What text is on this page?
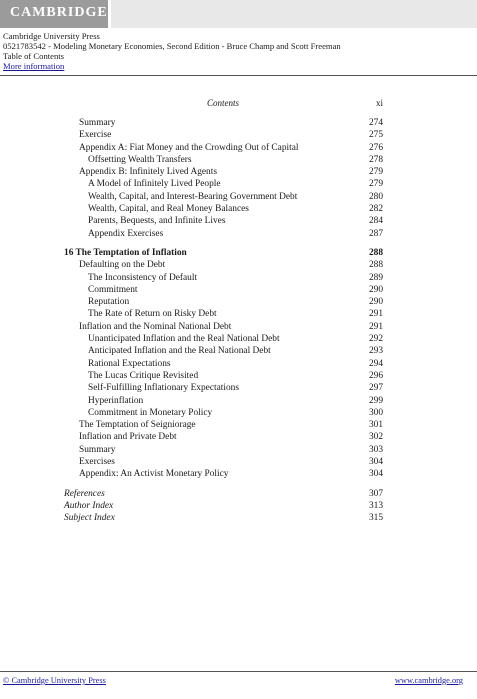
CAMBRIDGE
Cambridge University Press
0521783542 - Modeling Monetary Economies, Second Edition - Bruce Champ and Scott Freeman
Table of Contents
More information
Contents	xi
Summary	274
Exercise	275
Appendix A: Fiat Money and the Crowding Out of Capital	276
Offsetting Wealth Transfers	278
Appendix B: Infinitely Lived Agents	279
A Model of Infinitely Lived People	279
Wealth, Capital, and Interest-Bearing Government Debt	280
Wealth, Capital, and Real Money Balances	282
Parents, Bequests, and Infinite Lives	284
Appendix Exercises	287
16 The Temptation of Inflation	288
Defaulting on the Debt	288
The Inconsistency of Default	289
Commitment	290
Reputation	290
The Rate of Return on Risky Debt	291
Inflation and the Nominal National Debt	291
Unanticipated Inflation and the Real National Debt	292
Anticipated Inflation and the Real National Debt	293
Rational Expectations	294
The Lucas Critique Revisited	296
Self-Fulfilling Inflationary Expectations	297
Hyperinflation	299
Commitment in Monetary Policy	300
The Temptation of Seigniorage	301
Inflation and Private Debt	302
Summary	303
Exercises	304
Appendix: An Activist Monetary Policy	304
References	307
Author Index	313
Subject Index	315
© Cambridge University Press	www.cambridge.org
